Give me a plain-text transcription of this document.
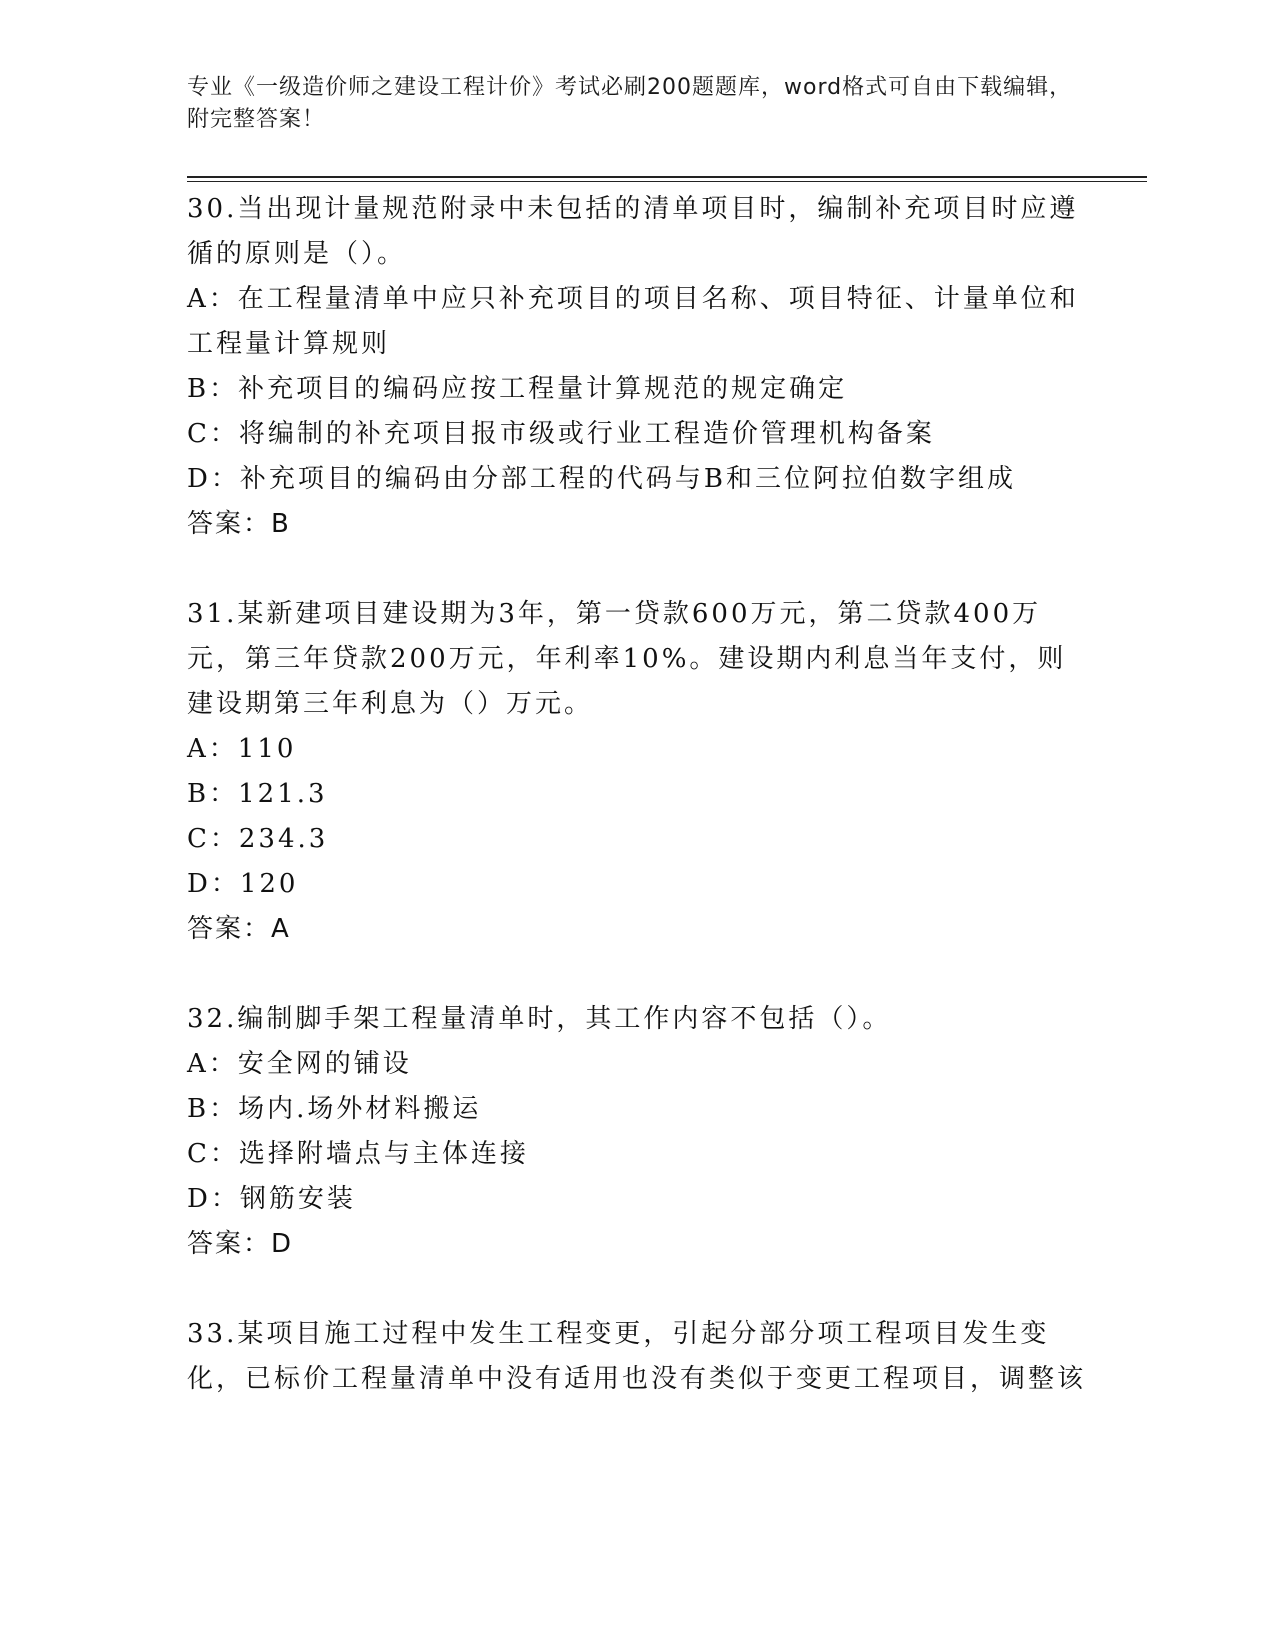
专业《一级造价师之建设工程计价》考试必刷200题题库，word格式可自由下载编辑，附完整答案！

30.当出现计量规范附录中未包括的清单项目时，编制补充项目时应遵循的原则是（）。

A：在工程量清单中应只补充项目的项目名称、项目特征、计量单位和工程量计算规则

B：补充项目的编码应按工程量计算规范的规定确定

C：将编制的补充项目报市级或行业工程造价管理机构备案

D：补充项目的编码由分部工程的代码与B和三位阿拉伯数字组成

答案：B

31.某新建项目建设期为3年，第一贷款600万元，第二贷款400万元，第三年贷款200万元，年利率10%。建设期内利息当年支付，则建设期第三年利息为（）万元。

A：110

B：121.3

C：234.3

D：120

答案：A

32.编制脚手架工程量清单时，其工作内容不包括（）。

A：安全网的铺设

B：场内.场外材料搬运

C：选择附墙点与主体连接

D：钢筋安装

答案：D

33.某项目施工过程中发生工程变更，引起分部分项工程项目发生变化，已标价工程量清单中没有适用也没有类似于变更工程项目，调整该
